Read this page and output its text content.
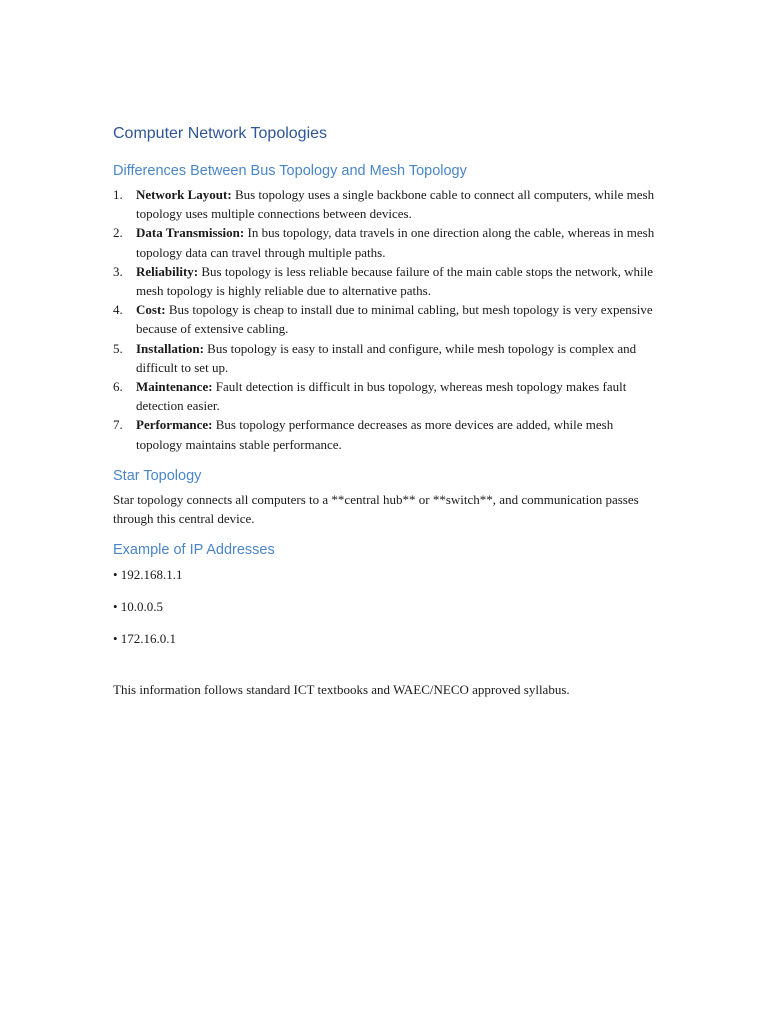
Computer Network Topologies
Differences Between Bus Topology and Mesh Topology
1. Network Layout: Bus topology uses a single backbone cable to connect all computers, while mesh topology uses multiple connections between devices.
2. Data Transmission: In bus topology, data travels in one direction along the cable, whereas in mesh topology data can travel through multiple paths.
3. Reliability: Bus topology is less reliable because failure of the main cable stops the network, while mesh topology is highly reliable due to alternative paths.
4. Cost: Bus topology is cheap to install due to minimal cabling, but mesh topology is very expensive because of extensive cabling.
5. Installation: Bus topology is easy to install and configure, while mesh topology is complex and difficult to set up.
6. Maintenance: Fault detection is difficult in bus topology, whereas mesh topology makes fault detection easier.
7. Performance: Bus topology performance decreases as more devices are added, while mesh topology maintains stable performance.
Star Topology

Star topology connects all computers to a **central hub** or **switch**, and communication passes through this central device.

Example of IP Addresses
• 192.168.1.1
• 10.0.0.5
• 172.16.0.1

This information follows standard ICT textbooks and WAEC/NECO approved syllabus.
